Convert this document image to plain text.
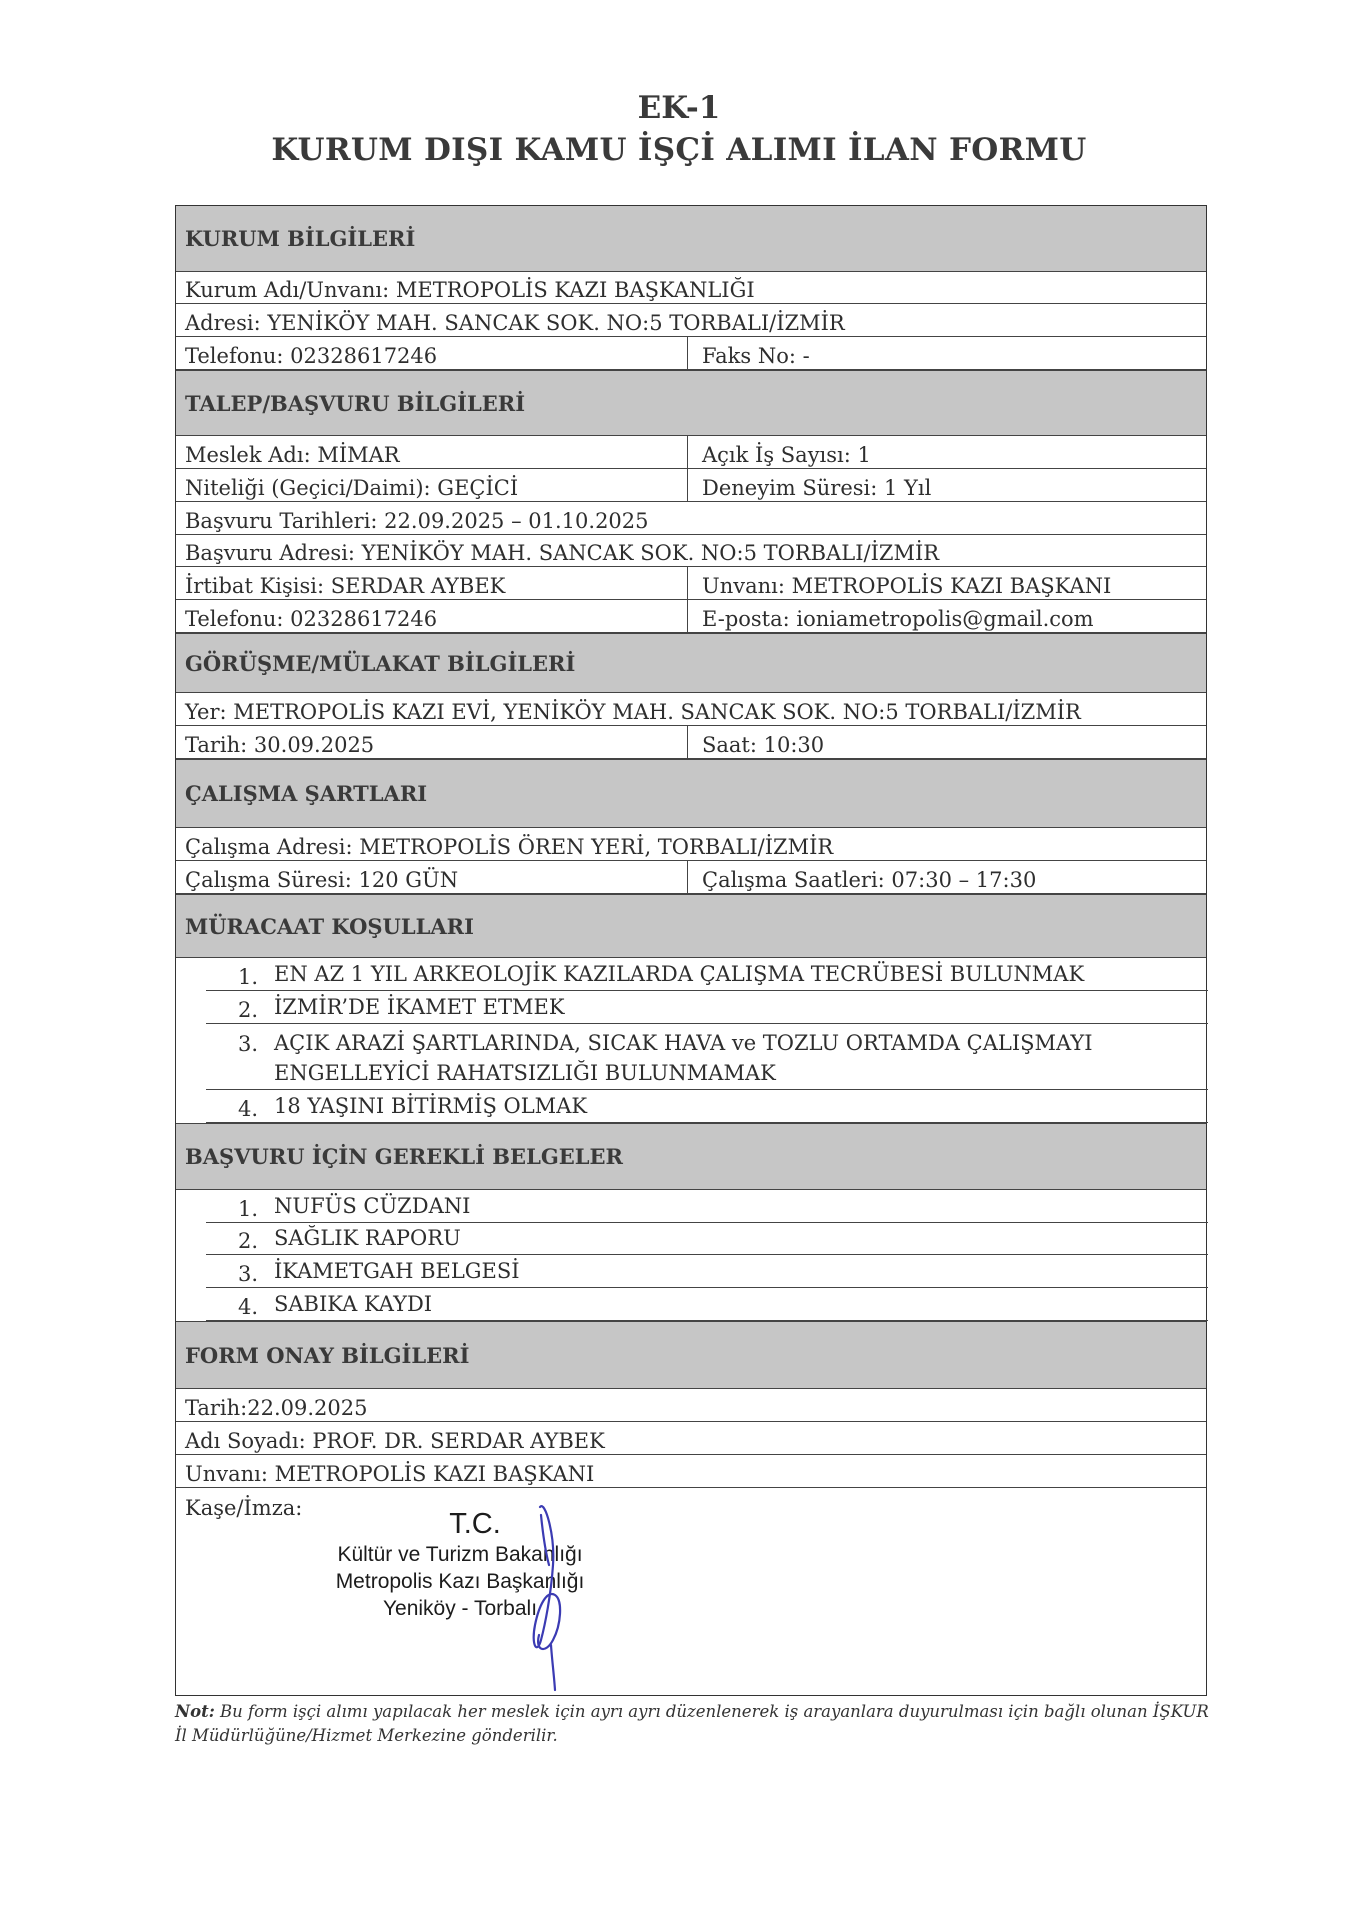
EK-1
KURUM DIŞI KAMU İŞÇİ ALIMI İLAN FORMU
KURUM BİLGİLERİ
Kurum Adı/Unvanı: METROPOLİS KAZI BAŞKANLIĞI
Adresi: YENİKÖY MAH. SANCAK SOK. NO:5 TORBALI/İZMİR
Telefonu: 02328617246	Faks No: -
TALEP/BAŞVURU BİLGİLERİ
Meslek Adı: MİMAR	Açık İş Sayısı: 1
Niteliği (Geçici/Daimi): GEÇİCİ	Deneyim Süresi: 1 Yıl
Başvuru Tarihleri: 22.09.2025 – 01.10.2025
Başvuru Adresi: YENİKÖY MAH. SANCAK SOK. NO:5 TORBALI/İZMİR
İrtibat Kişisi: SERDAR AYBEK	Unvanı: METROPOLİS KAZI BAŞKANI
Telefonu: 02328617246	E-posta: ioniametropolis@gmail.com
GÖRÜŞME/MÜLAKAT BİLGİLERİ
Yer: METROPOLİS KAZI EVİ, YENİKÖY MAH. SANCAK SOK. NO:5 TORBALI/İZMİR
Tarih: 30.09.2025	Saat: 10:30
ÇALIŞMA ŞARTLARI
Çalışma Adresi: METROPOLİS ÖREN YERİ, TORBALI/İZMİR
Çalışma Süresi: 120 GÜN	Çalışma Saatleri: 07:30 – 17:30
MÜRACAAT KOŞULLARI
1. EN AZ 1 YIL ARKEOLOJİK KAZILARDA ÇALIŞMA TECRÜBESİ BULUNMAK
2. İZMİR’DE İKAMET ETMEK
3. AÇIK ARAZİ ŞARTLARINDA, SICAK HAVA ve TOZLU ORTAMDA ÇALIŞMAYI
ENGELLEYİCİ RAHATSIZLIĞI BULUNMAMAK
4. 18 YAŞINI BİTİRMİŞ OLMAK
BAŞVURU İÇİN GEREKLİ BELGELER
1. NUFÜS CÜZDANI
2. SAĞLIK RAPORU
3. İKAMETGAH BELGESİ
4. SABIKA KAYDI
FORM ONAY BİLGİLERİ
Tarih:22.09.2025
Adı Soyadı: PROF. DR. SERDAR AYBEK
Unvanı: METROPOLİS KAZI BAŞKANI
Kaşe/İmza:	T.C.
Kültür ve Turizm Bakanlığı
Metropolis Kazı Başkanlığı
Yeniköy - Torbalı
Not: Bu form işçi alımı yapılacak her meslek için ayrı ayrı düzenlenerek iş arayanlara duyurulması için bağlı olunan İŞKUR İl Müdürlüğüne/Hizmet Merkezine gönderilir.
